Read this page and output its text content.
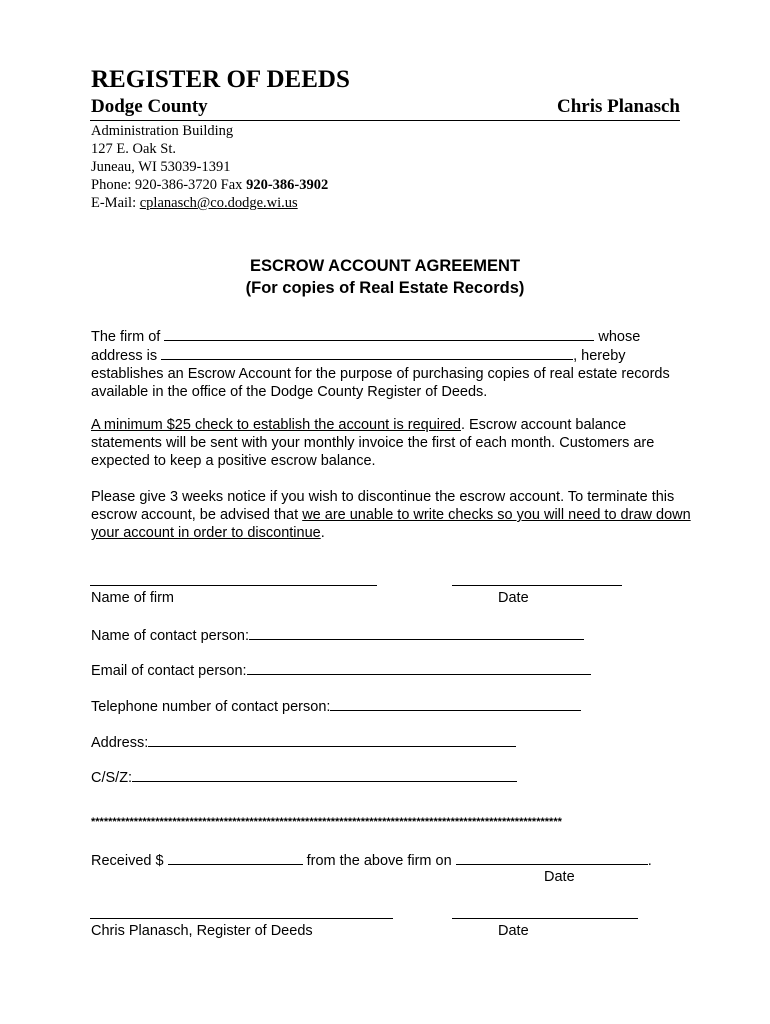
REGISTER OF DEEDS
Dodge County	Chris Planasch
Administration Building
127 E. Oak St.
Juneau, WI 53039-1391
Phone: 920-386-3720 Fax 920-386-3902
E-Mail: cplanasch@co.dodge.wi.us
ESCROW ACCOUNT AGREEMENT
(For copies of Real Estate Records)
The firm of	whose
address is	, hereby
establishes an Escrow Account for the purpose of purchasing copies of real estate records available in the office of the Dodge County Register of Deeds.
A minimum $25 check to establish the account is required. Escrow account balance statements will be sent with your monthly invoice the first of each month. Customers are expected to keep a positive escrow balance.
Please give 3 weeks notice if you wish to discontinue the escrow account. To terminate this escrow account, be advised that we are unable to write checks so you will need to draw down your account in order to discontinue.
Name of firm	Date
Name of contact person:
Email of contact person:
Telephone number of contact person:
Address:
C/S/Z:
**************************************************************************************************************
Received $	from the above firm on	.
Date
Chris Planasch, Register of Deeds	Date
